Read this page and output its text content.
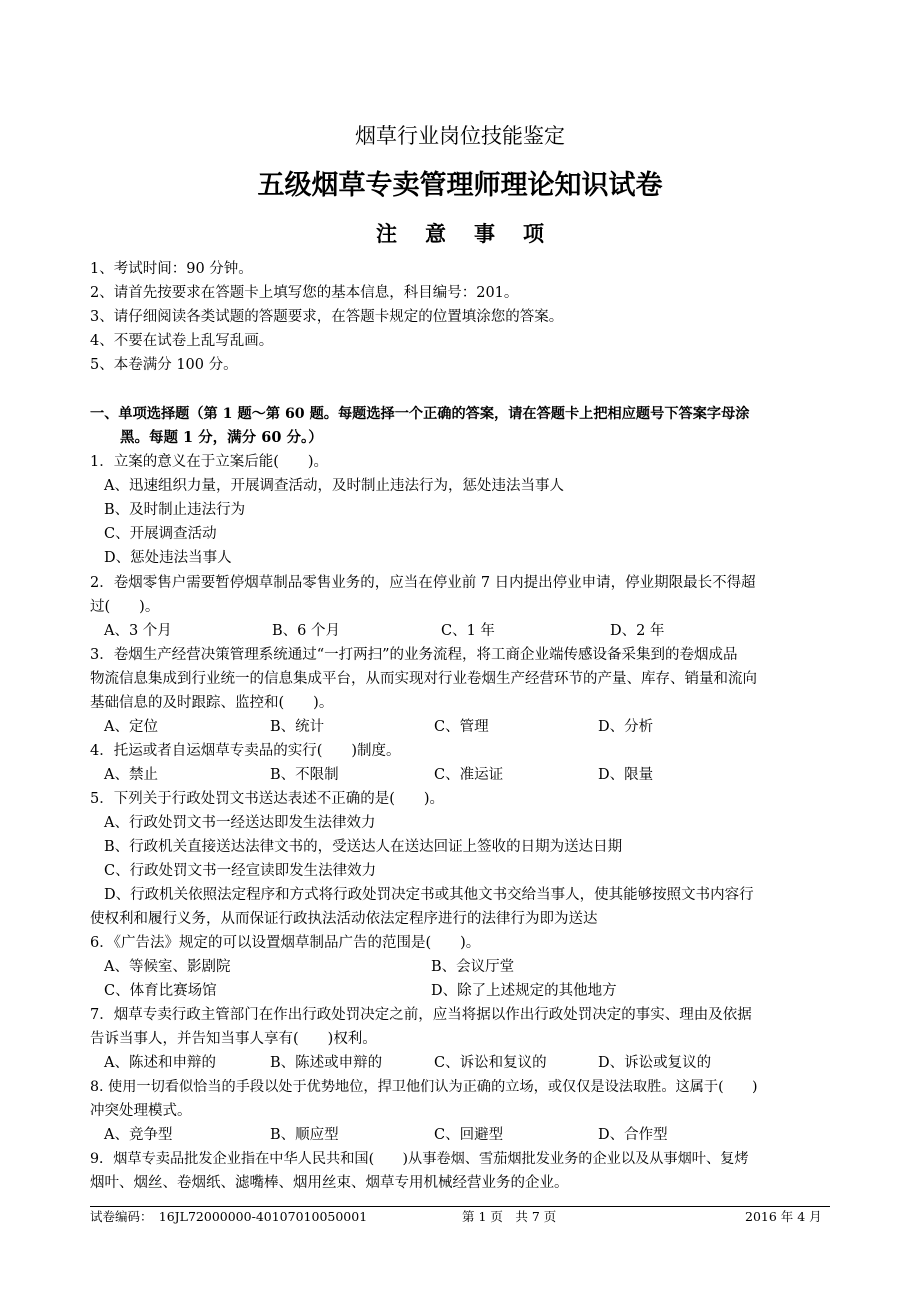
烟草行业岗位技能鉴定
五级烟草专卖管理师理论知识试卷
注意事项
1、考试时间：90 分钟。
2、请首先按要求在答题卡上填写您的基本信息，科目编号：201。
3、请仔细阅读各类试题的答题要求，在答题卡规定的位置填涂您的答案。
4、不要在试卷上乱写乱画。
5、本卷满分 100 分。
一、单项选择题（第 1 题～第 60 题。每题选择一个正确的答案，请在答题卡上把相应题号下答案字母涂
黑。每题 1 分，满分 60 分。）
1．立案的意义在于立案后能(　　)。
A、迅速组织力量，开展调查活动，及时制止违法行为，惩处违法当事人
B、及时制止违法行为
C、开展调查活动
D、惩处违法当事人
2．卷烟零售户需要暂停烟草制品零售业务的，应当在停业前 7 日内提出停业申请，停业期限最长不得超
过(　　)。
A、3 个月	B、6 个月	C、1 年	D、2 年
3．卷烟生产经营决策管理系统通过“一打两扫”的业务流程，将工商企业端传感设备采集到的卷烟成品
物流信息集成到行业统一的信息集成平台，从而实现对行业卷烟生产经营环节的产量、库存、销量和流向
基础信息的及时跟踪、监控和(　　)。
A、定位	B、统计	C、管理	D、分析
4．托运或者自运烟草专卖品的实行(　　)制度。
A、禁止	B、不限制	C、准运证	D、限量
5．下列关于行政处罚文书送达表述不正确的是(　　)。
A、行政处罚文书一经送达即发生法律效力
B、行政机关直接送达法律文书的，受送达人在送达回证上签收的日期为送达日期
C、行政处罚文书一经宣读即发生法律效力
D、行政机关依照法定程序和方式将行政处罚决定书或其他文书交给当事人，使其能够按照文书内容行
使权利和履行义务，从而保证行政执法活动依法定程序进行的法律行为即为送达
6．《广告法》规定的可以设置烟草制品广告的范围是(　　)。
A、等候室、影剧院	B、会议厅堂
C、体育比赛场馆	D、除了上述规定的其他地方
7．烟草专卖行政主管部门在作出行政处罚决定之前，应当将据以作出行政处罚决定的事实、理由及依据
告诉当事人，并告知当事人享有(　　)权利。
A、陈述和申辩的	B、陈述或申辩的	C、诉讼和复议的	D、诉讼或复议的
8. 使用一切看似恰当的手段以处于优势地位，捍卫他们认为正确的立场，或仅仅是设法取胜。这属于(　　)
冲突处理模式。
A、竞争型	B、顺应型	C、回避型	D、合作型
9．烟草专卖品批发企业指在中华人民共和国(　　)从事卷烟、雪茄烟批发业务的企业以及从事烟叶、复烤
烟叶、烟丝、卷烟纸、滤嘴棒、烟用丝束、烟草专用机械经营业务的企业。
试卷编码：　16JL72000000-40107010050001	第 1 页　共 7 页	2016 年 4 月
